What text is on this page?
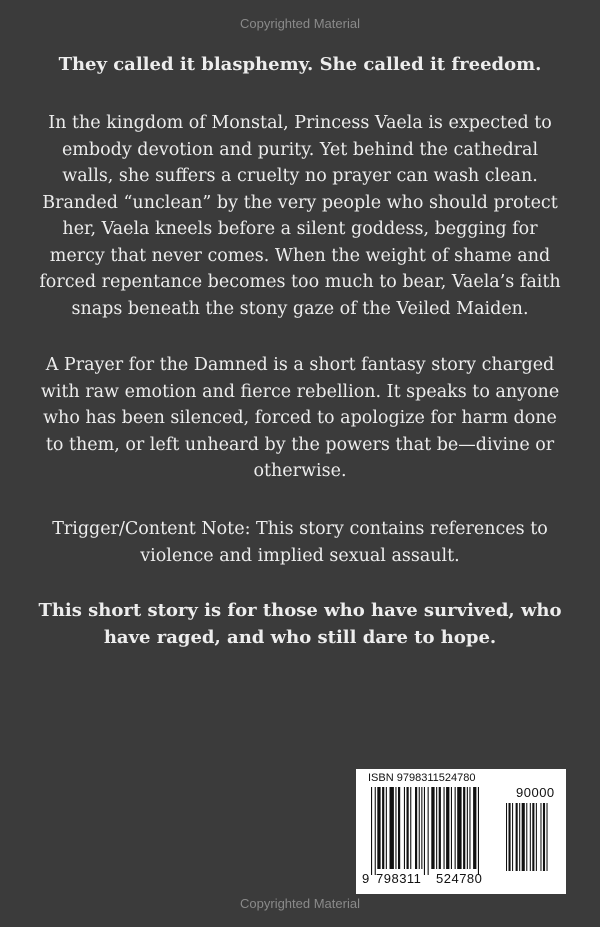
Copyrighted Material
They called it blasphemy. She called it freedom.

In the kingdom of Monstal, Princess Vaela is expected to

embody devotion and purity. Yet behind the cathedral

walls, she suffers a cruelty no prayer can wash clean.

Branded “unclean” by the very people who should protect

her, Vaela kneels before a silent goddess, begging for

mercy that never comes. When the weight of shame and

forced repentance becomes too much to bear, Vaela’s faith

snaps beneath the stony gaze of the Veiled Maiden.

A Prayer for the Damned is a short fantasy story charged

with raw emotion and fierce rebellion. It speaks to anyone

who has been silenced, forced to apologize for harm done

to them, or left unheard by the powers that be—divine or

otherwise.

Trigger/Content Note: This story contains references to

violence and implied sexual assault.

This short story is for those who have survived, who

have raged, and who still dare to hope.

ISBN 9798311524780
90000
9 798311 524780
Copyrighted Material
